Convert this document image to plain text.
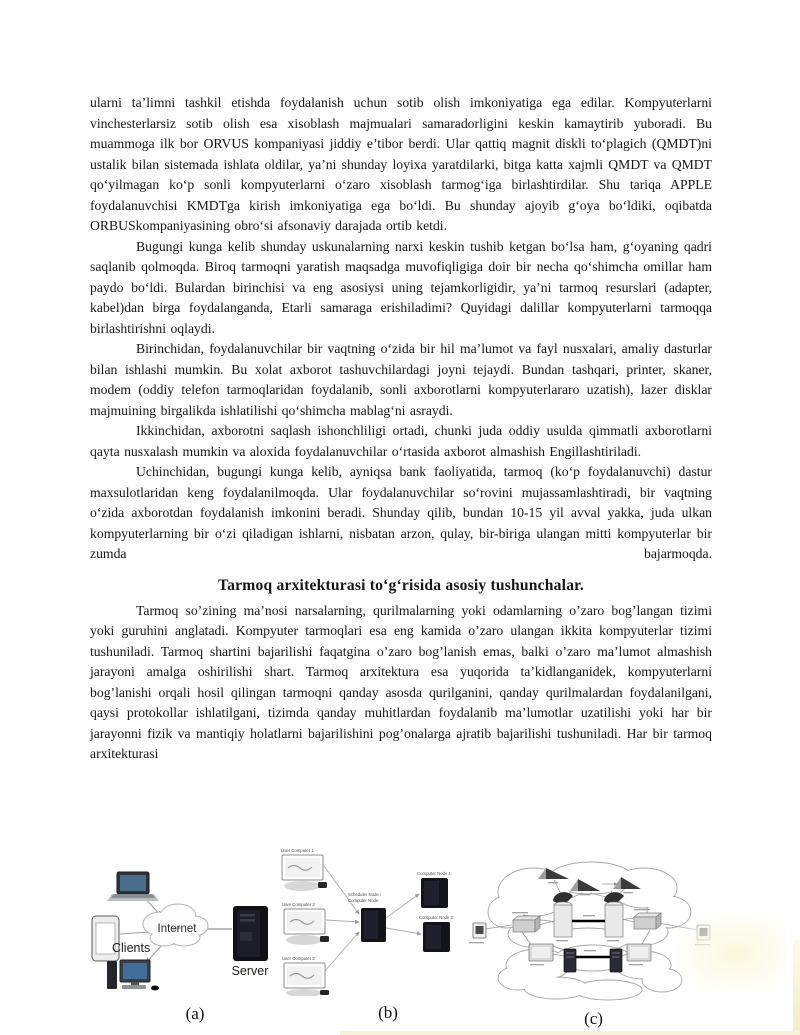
ularni ta’limni tashkil etishda foydalanish uchun sotib olish imkoniyatiga ega edilar. Kompyuterlarni vinchesterlarsiz sotib olish esa xisoblash majmualari samaradorligini keskin kamaytirib yuboradi. Bu muammoga ilk bor ORVUS kompaniyasi jiddiy e’tibor berdi. Ular qattiq magnit diskli to‘plagich (QMDT)ni ustalik bilan sistemada ishlata oldilar, ya’ni shunday loyixa yaratdilarki, bitga katta xajmli QMDT va QMDT qo‘yilmagan ko‘p sonli kompyuterlarni o‘zaro xisoblash tarmog‘iga birlashtirdilar. Shu tariqa APPLE foydalanuvchisi KMDTga kirish imkoniyatiga ega bo‘ldi. Bu shunday ajoyib g‘oya bo‘ldiki, oqibatda ORBUSkompaniyasining obro‘si afsonaviy darajada ortib ketdi.

Bugungi kunga kelib shunday uskunalarning narxi keskin tushib ketgan bo‘lsa ham, g‘oyaning qadri saqlanib qolmoqda. Biroq tarmoqni yaratish maqsadga muvofiqligiga doir bir necha qo‘shimcha omillar ham paydo bo‘ldi. Bulardan birinchisi va eng asosiysi uning tejamkorligidir, ya’ni tarmoq resurslari (adapter, kabel)dan birga foydalanganda, Etarli samaraga erishiladimi? Quyidagi dalillar kompyuterlarni tarmoqqa birlashtirishni oqlaydi.

Birinchidan, foydalanuvchilar bir vaqtning o‘zida bir hil ma’lumot va fayl nusxalari, amaliy dasturlar bilan ishlashi mumkin. Bu xolat axborot tashuvchilardagi joyni tejaydi. Bundan tashqari, printer, skaner, modem (oddiy telefon tarmoqlaridan foydalanib, sonli axborotlarni kompyuterlararo uzatish), lazer disklar majmuining birgalikda ishlatilishi qo‘shimcha mablag‘ni asraydi.

Ikkinchidan, axborotni saqlash ishonchliligi ortadi, chunki juda oddiy usulda qimmatli axborotlarni qayta nusxalash mumkin va aloxida foydalanuvchilar o‘rtasida axborot almashish Engillashtiriladi.

Uchinchidan, bugungi kunga kelib, ayniqsa bank faoliyatida, tarmoq (ko‘p foydalanuvchi) dastur maxsulotlaridan keng foydalanilmoqda. Ular foydalanuvchilar so‘rovini mujassamlashtiradi, bir vaqtning o‘zida axborotdan foydalanish imkonini beradi. Shunday qilib, bundan 10-15 yil avval yakka, juda ulkan kompyuterlarning bir o‘zi qiladigan ishlarni, nisbatan arzon, qulay, bir-biriga ulangan mitti kompyuterlar bir zumda bajarmoqda.

Tarmoq arxitekturasi to‘g‘risida asosiy tushunchalar.

Tarmoq so’zining ma’nosi narsalarning, qurilmalarning yoki odamlarning o’zaro bog’langan tizimi yoki guruhini anglatadi. Kompyuter tarmoqlari esa eng kamida o’zaro ulangan ikkita kompyuterlar tizimi tushuniladi. Tarmoq shartini bajarilishi faqatgina o’zaro bog’lanish emas, balki o’zaro ma’lumot almashish jarayoni amalga oshirilishi shart. Tarmoq arxitektura esa yuqorida ta’kidlanganidek, kompyuterlarni bog’lanishi orqali hosil qilingan tarmoqni qanday asosda qurilganini, qanday qurilmalardan foydalanilgani, qaysi protokollar ishlatilgani, tizimda qanday muhitlardan foydalanib ma’lumotlar uzatilishi yoki har bir jarayonni fizik va mantiqiy holatlarni bajarilishini pog’onalarga ajratib bajarilishi tushuniladi. Har bir tarmoq arxitekturasi

Clients
Internet
Server
(a)
User Computer 1
User Computer 2
User Computer 3
Scheduler Node /
Computer Node
Computer Node 1
Computer Node 2
(b)	(c)
